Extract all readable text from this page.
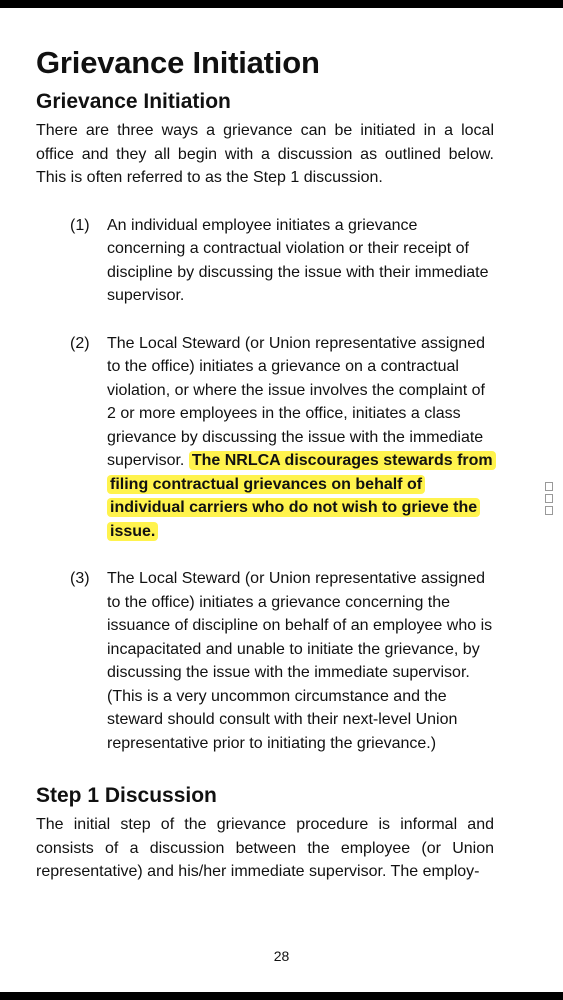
Grievance Initiation
Grievance Initiation

There are three ways a grievance can be initiated in a local office and they all begin with a discussion as outlined below. This is often referred to as the Step 1 discussion.

(1) An individual employee initiates a grievance concerning a contractual violation or their receipt of discipline by discussing the issue with their immediate supervisor.
(2) The Local Steward (or Union representative assigned to the office) initiates a grievance on a contractual violation, or where the issue involves the complaint of 2 or more employees in the office, initiates a class grievance by discussing the issue with the immediate supervisor. The NRLCA discourages stewards from filing contractual grievances on behalf of individual carriers who do not wish to grieve the issue.
(3) The Local Steward (or Union representative assigned to the office) initiates a grievance concerning the issuance of discipline on behalf of an employee who is incapacitated and unable to initiate the grievance, by discussing the issue with the immediate supervisor. (This is a very uncommon circumstance and the steward should consult with their next-level Union representative prior to initiating the grievance.)
Step 1 Discussion

The initial step of the grievance procedure is informal and consists of a discussion between the employee (or Union representative) and his/her immediate supervisor. The employ-

28
